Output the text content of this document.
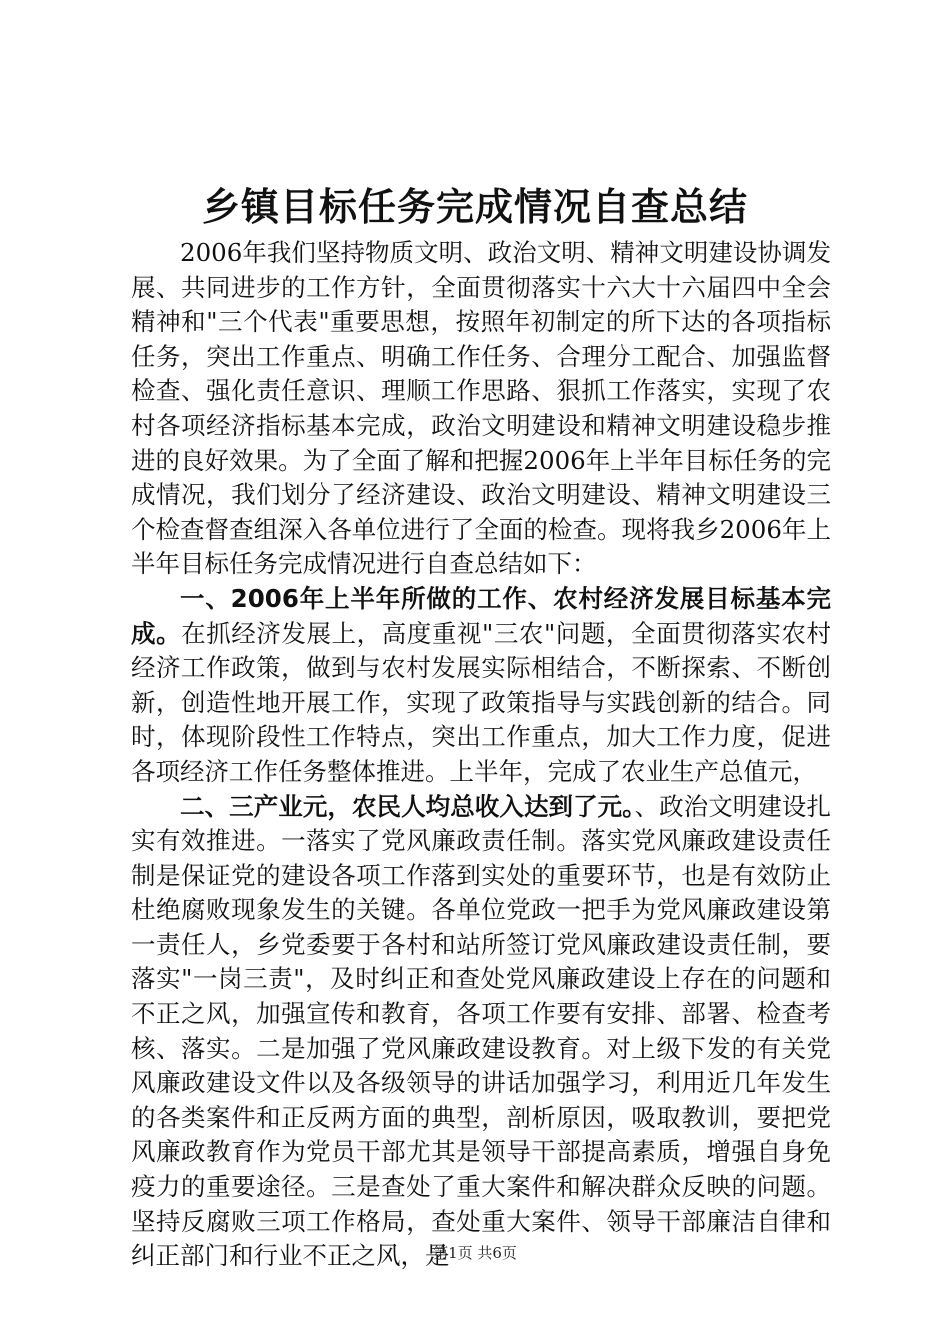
乡镇目标任务完成情况自查总结

2006年我们坚持物质文明、政治文明、精神文明建设协调发展、共同进步的工作方针，全面贯彻落实十六大十六届四中全会精神和"三个代表"重要思想，按照年初制定的所下达的各项指标任务，突出工作重点、明确工作任务、合理分工配合、加强监督检查、强化责任意识、理顺工作思路、狠抓工作落实，实现了农村各项经济指标基本完成，政治文明建设和精神文明建设稳步推进的良好效果。为了全面了解和把握2006年上半年目标任务的完成情况，我们划分了经济建设、政治文明建设、精神文明建设三个检查督查组深入各单位进行了全面的检查。现将我乡2006年上半年目标任务完成情况进行自查总结如下：

一、2006年上半年所做的工作、农村经济发展目标基本完成。在抓经济发展上，高度重视"三农"问题，全面贯彻落实农村经济工作政策，做到与农村发展实际相结合，不断探索、不断创新，创造性地开展工作，实现了政策指导与实践创新的结合。同时，体现阶段性工作特点，突出工作重点，加大工作力度，促进各项经济工作任务整体推进。上半年，完成了农业生产总值元，

二、三产业元，农民人均总收入达到了元。、政治文明建设扎实有效推进。一落实了党风廉政责任制。落实党风廉政建设责任制是保证党的建设各项工作落到实处的重要环节，也是有效防止杜绝腐败现象发生的关键。各单位党政一把手为党风廉政建设第一责任人，乡党委要于各村和站所签订党风廉政建设责任制，要落实"一岗三责"，及时纠正和查处党风廉政建设上存在的问题和不正之风，加强宣传和教育，各项工作要有安排、部署、检查考核、落实。二是加强了党风廉政建设教育。对上级下发的有关党风廉政建设文件以及各级领导的讲话加强学习，利用近几年发生的各类案件和正反两方面的典型，剖析原因，吸取教训，要把党风廉政教育作为党员干部尤其是领导干部提高素质，增强自身免疫力的重要途径。三是查处了重大案件和解决群众反映的问题。坚持反腐败三项工作格局，查处重大案件、领导干部廉洁自律和纠正部门和行业不正之风，是

第1页 共6页
